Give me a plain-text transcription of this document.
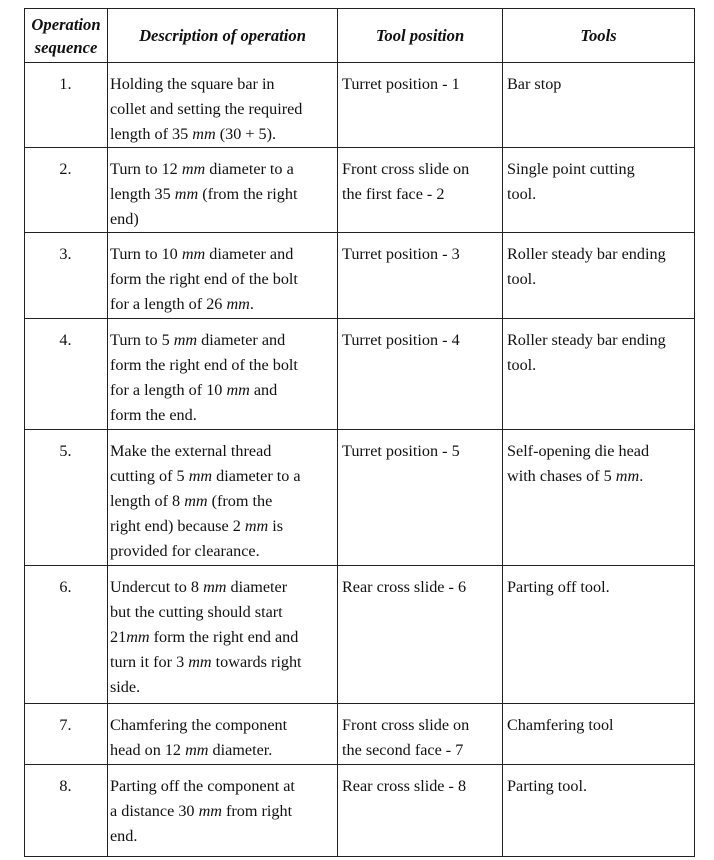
Operation
sequence	Description of operation	Tool position	Tools

1.	Holding the square bar in
collet and setting the required
length of 35 mm (30 + 5).	Turret position - 1	Bar stop

2.	Turn to 12 mm diameter to a
length 35 mm (from the right
end)	Front cross slide on
the first face - 2	Single point cutting
tool.

3.	Turn to 10 mm diameter and
form the right end of the bolt
for a length of 26 mm.	Turret position - 3	Roller steady bar ending
tool.

4.	Turn to 5 mm diameter and
form the right end of the bolt
for a length of 10 mm and
form the end.	Turret position - 4	Roller steady bar ending
tool.

5.	Make the external thread
cutting of 5 mm diameter to a
length of 8 mm (from the
right end) because 2 mm is
provided for clearance.	Turret position - 5	Self-opening die head
with chases of 5 mm.

6.	Undercut to 8 mm diameter
but the cutting should start
21mm form the right end and
turn it for 3 mm towards right
side.	Rear cross slide - 6	Parting off tool.

7.	Chamfering the component
head on 12 mm diameter.	Front cross slide on
the second face - 7	Chamfering tool

8.	Parting off the component at
a distance 30 mm from right
end.	Rear cross slide - 8	Parting tool.
